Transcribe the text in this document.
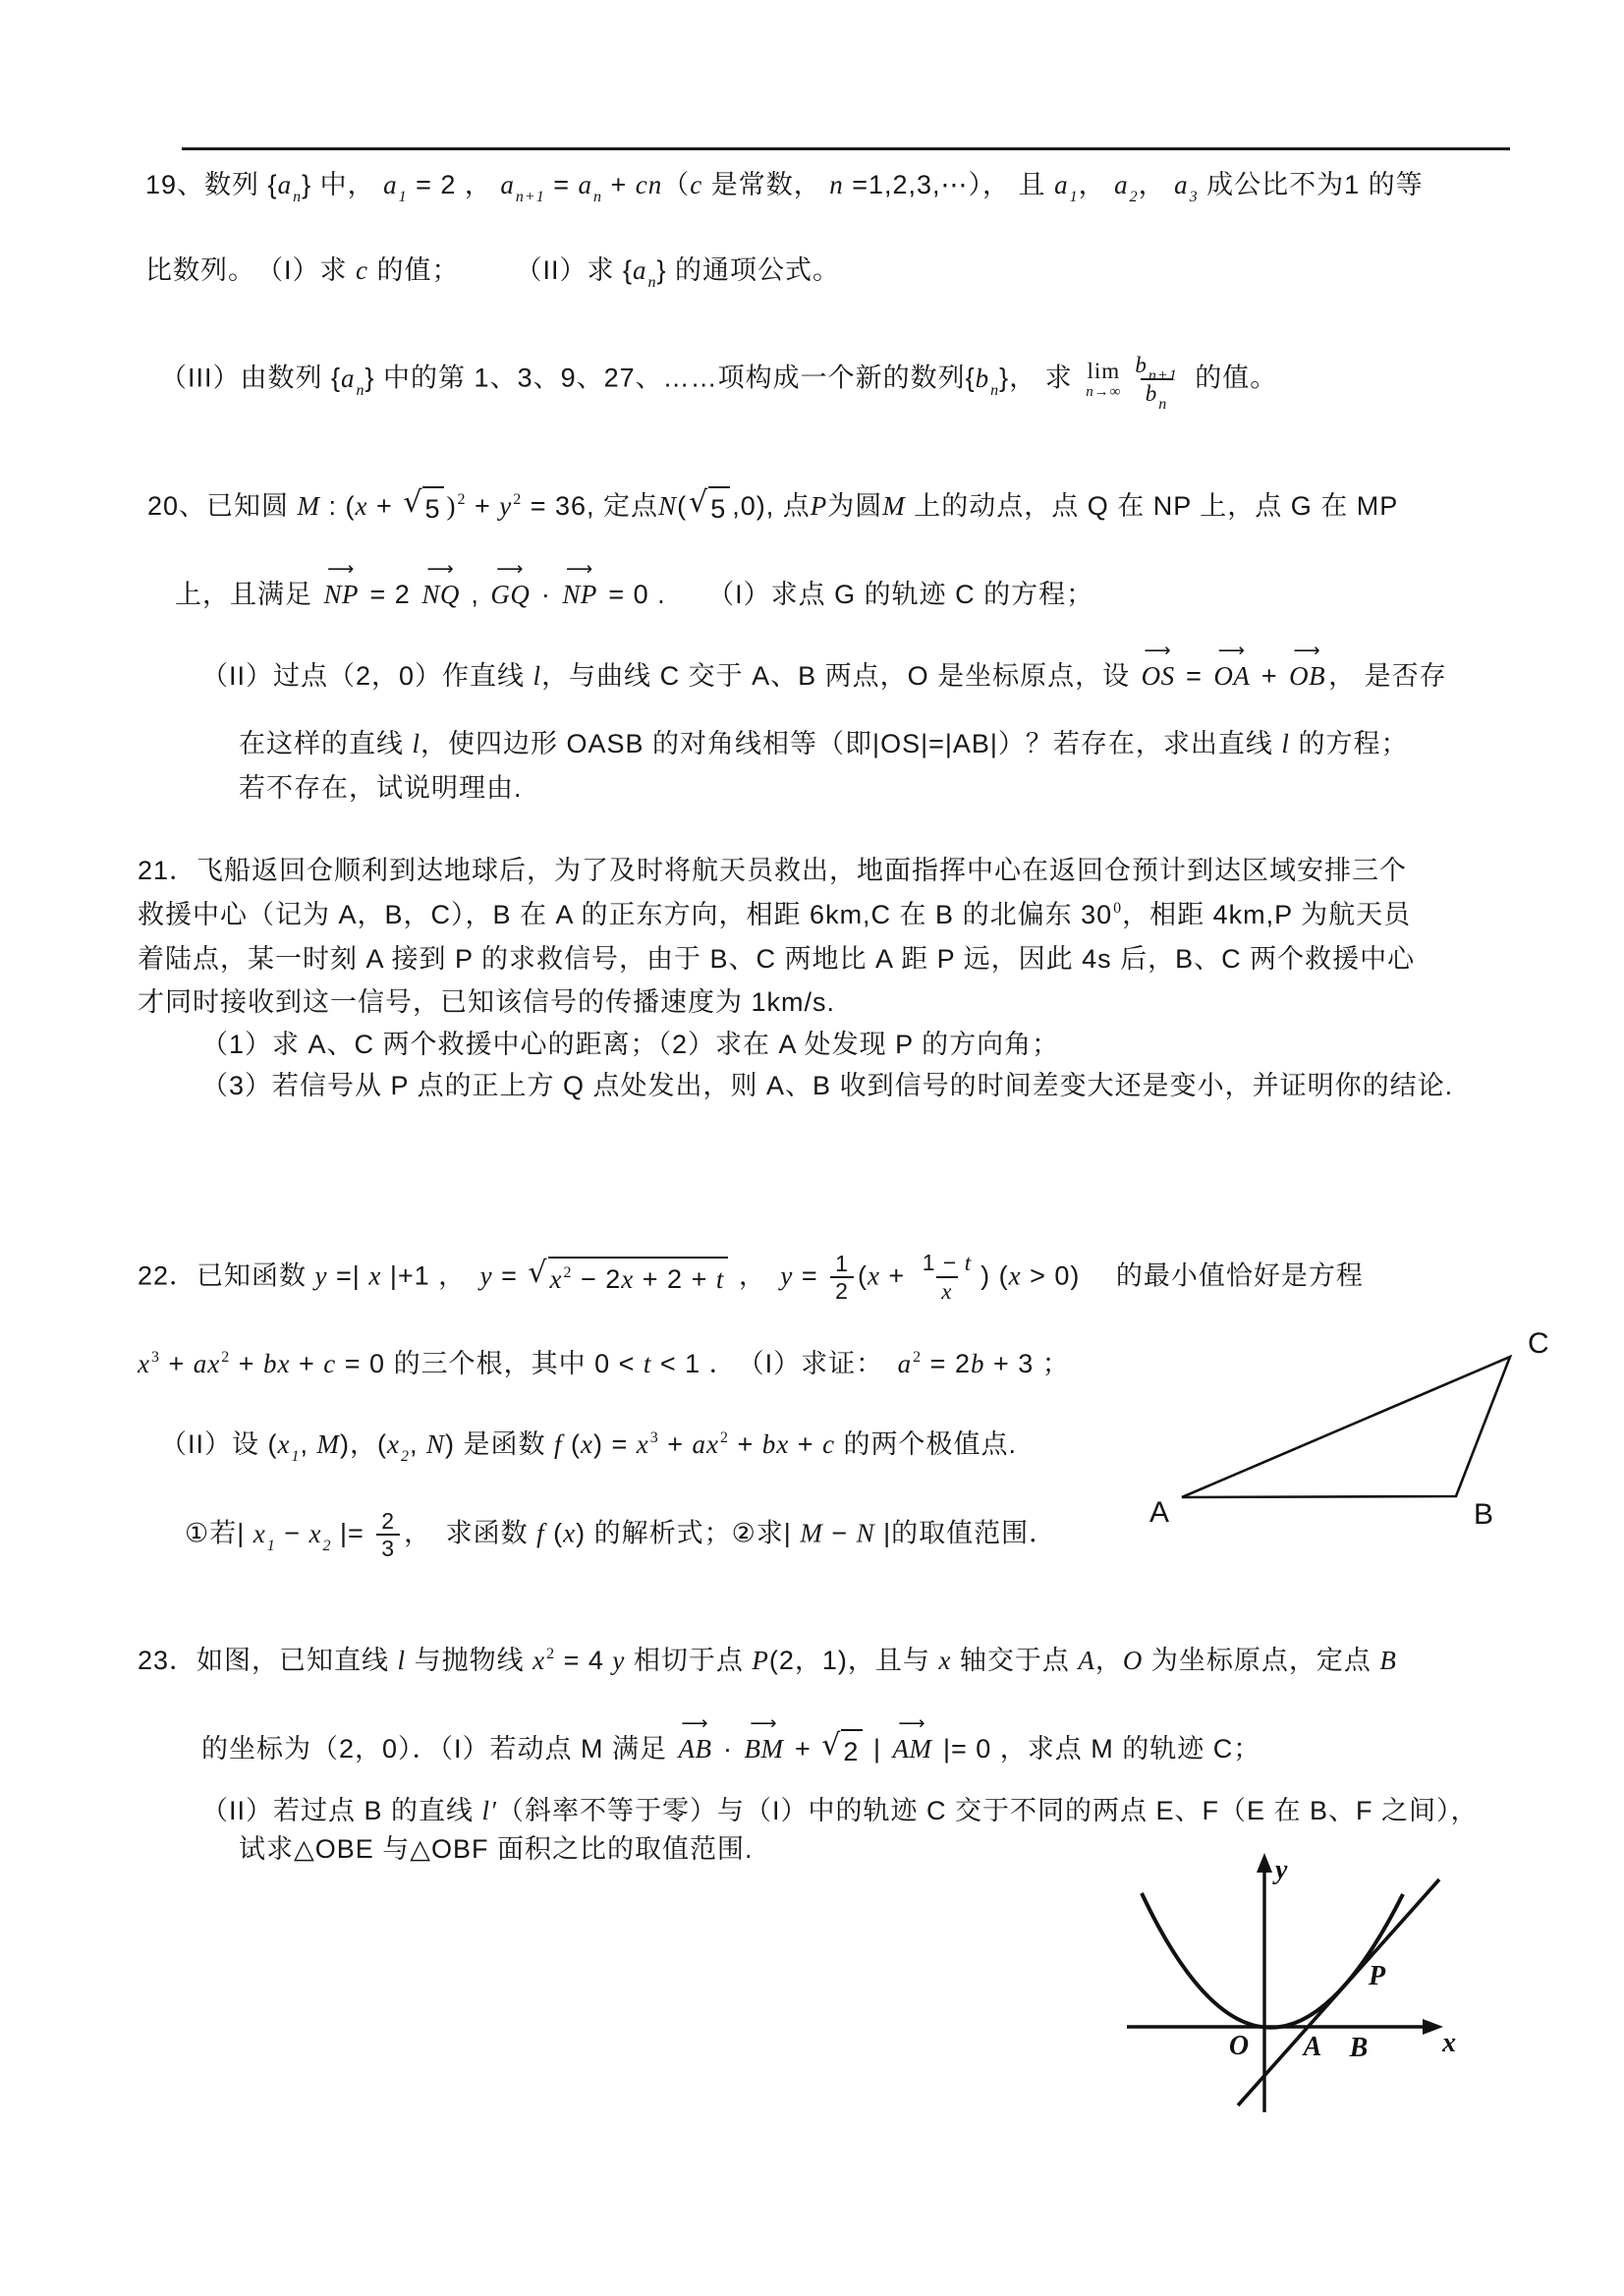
19、数列 $\{a_n\}$ 中， $a_1 = 2$ ， $a_{n+1} = a_n + cn(c$ 是常数， n =1,2,3,⋯）， 且 $a_1$， $a_2$， $a_3$ 成公比不为1 的等
比数列。　（I）求 c 的值；　　　（II）求 $\{a_n\}$ 的通项公式。
（III）由数列 $\{a_n\}$ 中的第 1、3、9、27、……项构成一个新的数列$\{b_n\}$， 求 lim
$n\to\infty \frac{b_{n+1}}{b_n}$ 的值。
20、已知圆 M : (x + √ 5 )$^2 + y^2 = 36$, 定点N( √ 5 ,0), 点P为圆M 上的动点，点 Q 在 NP 上，点 G 在 MP
上，且满足
⟶
NP = 2
⟶
NQ ,
⟶
GQ ·
⟶
NP = 0 .　　（I）求点 G 的轨迹 C 的方程；
（II）过点（2，0）作直线 l，与曲线 C 交于 A、B 两点，O 是坐标原点，设
⟶
OS =
⟶
OA +
⟶
OB ， 是否存
在这样的直线 l，使四边形 OASB 的对角线相等（即|OS|=|AB|）？若存在，求出直线 l 的方程；
若不存在，试说明理由.
21．飞船返回仓顺利到达地球后，为了及时将航天员救出，地面指挥中心在返回仓预计到达区域安排三个
救援中心（记为 A，B，C），B 在 A 的正东方向，相距 6km,C 在 B 的北偏东 $30^0$，相距 4km,P 为航天员
着陆点，某一时刻 A 接到 P 的求救信号，由于 B、C 两地比 A 距 P 远，因此 4s 后，B、C 两个救援中心
才同时接收到这一信号，已知该信号的传播速度为 1km/s.
（1）求 A、C 两个救援中心的距离；（2）求在 A 处发现 P 的方向角；
（3）若信号从 P 点的正上方 Q 点处发出，则 A、B 收到信号的时间差变大还是变小，并证明你的结论.
22．已知函数 y =| x |+1 ，　y = √ $x^2 - 2x + 2 + t$ ，　$y = \frac{1}{2} (x + \frac{1 - t}{x}$ ) (x > 0)　 的最小值恰好是方程
$x^3 + ax^2$ + bx + c = 0 的三个根，其中 0 < t < 1 ．　（I）求证：　$a^2 = 2b + 3$ ；
（II）设 ($x_1$, M)，($x_2$, N) 是函数 f $(x) = x^3 + ax^2$ + bx + c 的两个极值点.
①若| $x_1 - x_2$ |= $\frac{2}{3}$ ，　求函数 f (x) 的解析式；②求| M − N |的取值范围．
A	B
C
23．如图，已知直线 l 与抛物线 $x^2 = 4$ y 相切于点 P(2，1)，且与 x 轴交于点 A，O 为坐标原点，定点 B
的坐标为（2，0）．（I）若动点 M 满足
⟶
AB ·
⟶
BM + √ 2 |
⟶
AM |= 0 ，求点 M 的轨迹 C；
（II）若过点 B 的直线 l′（斜率不等于零）与（I）中的轨迹 C 交于不同的两点 E、F（E 在 B、F 之间），
试求△OBE 与△OBF 面积之比的取值范围.
y
x
O A B
P
